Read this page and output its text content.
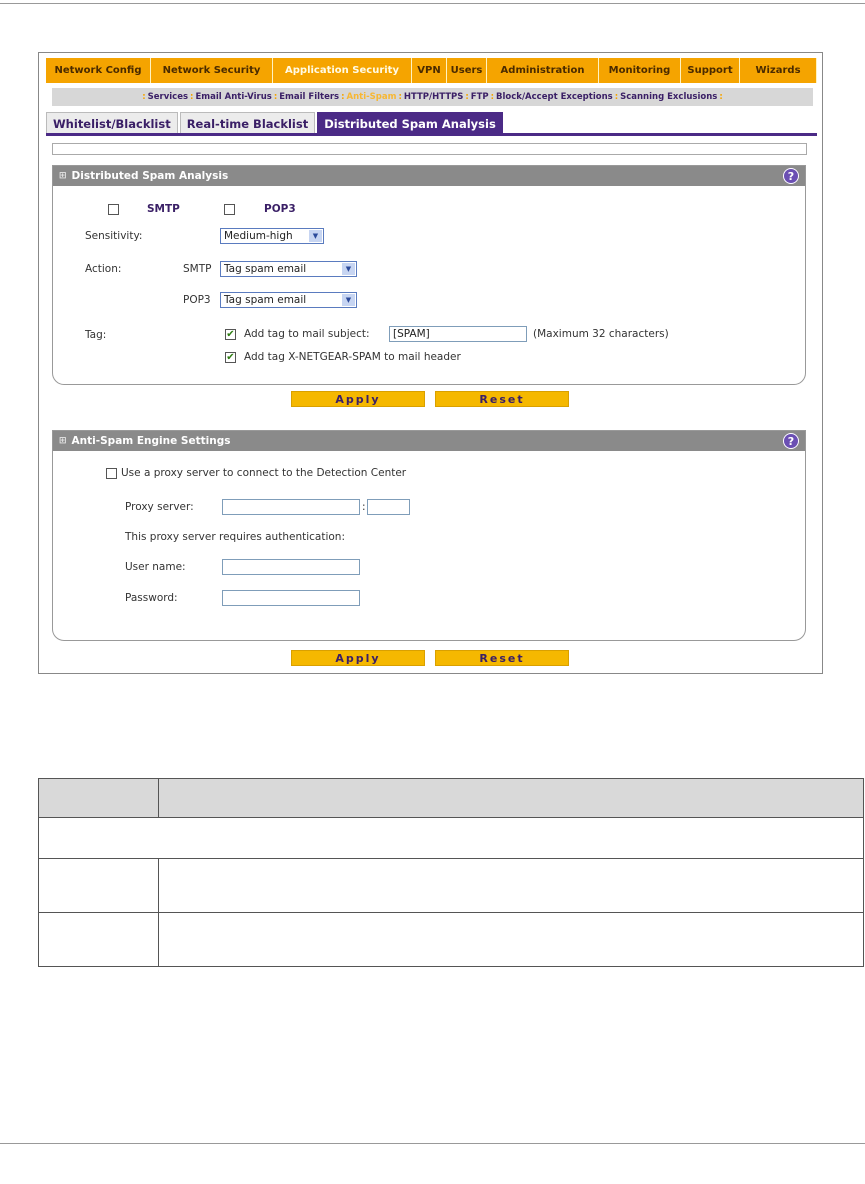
Network Config	Network Security	Application Security	VPN Users	Administration	Monitoring	Support	Wizards
: Services : Email Anti-Virus : Email Filters : Anti-Spam : HTTP/HTTPS : FTP : Block/Accept Exceptions : Scanning Exclusions :
Whitelist/Blacklist	Real-time Blacklist	Distributed Spam Analysis
⊞ Distributed Spam Analysis	?
SMTP	POP3
Sensitivity:	Medium-high	▼
Action:	SMTP Tag spam email	▼
POP3 Tag spam email	▼
Tag:	✔ Add tag to mail subject:	[SPAM]	(Maximum 32 characters)
✔ Add tag X-NETGEAR-SPAM to mail header
Apply	Reset
⊞ Anti-Spam Engine Settings	?
Use a proxy server to connect to the Detection Center
Proxy server:	:
This proxy server requires authentication:
User name:
Password:
Apply	Reset
